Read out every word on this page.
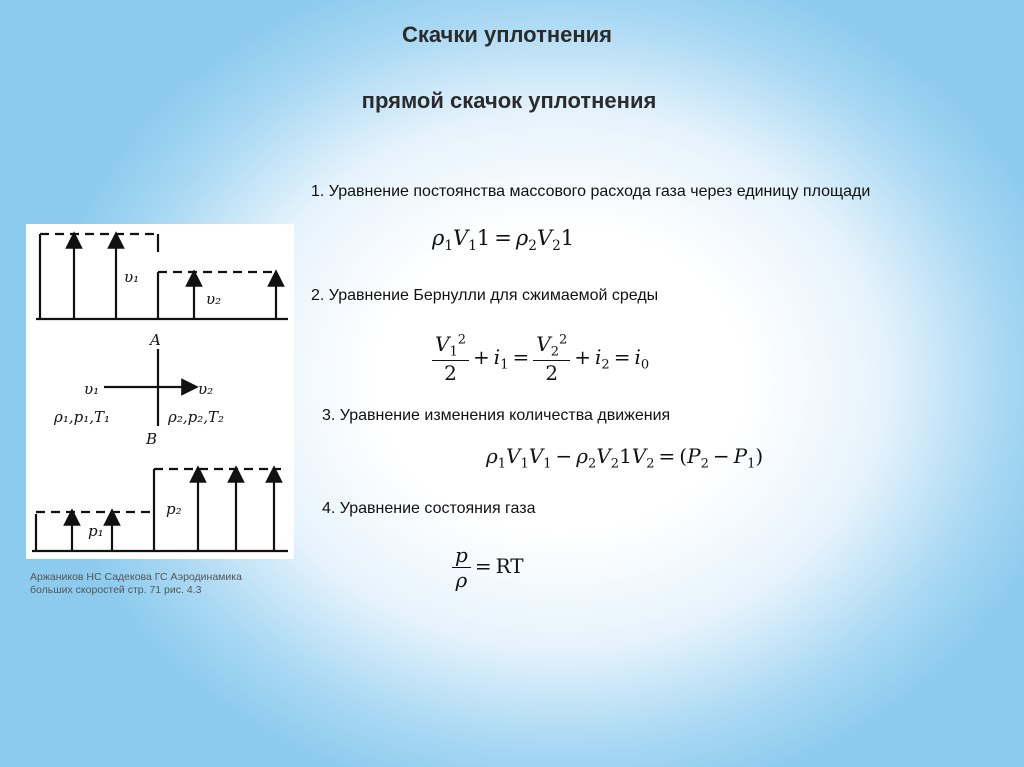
Скачки уплотнения
прямой скачок уплотнения
1. Уравнение постоянства массового расхода газа через единицу площади
2. Уравнение Бернулли для сжимаемой среды
3. Уравнение изменения количества движения
4. Уравнение состояния газа
$\rho_1V_11 = \rho_2V_21$
$\frac{V_1^2}{2} + i_1 = \frac{V_2^2}{2} + i_2 = i_0$
$\rho_1V_1V_1 - \rho_2V_21V_2 = (P_2 - P_1)$
$\frac{p}{\rho}$ = RT
υ₁
υ₂
A
B
υ₁	υ₂
ρ₁,p₁,T₁	ρ₂,p₂,T₂
p₁
p₂
Аржаников НС Садекова ГС Аэродинамика
больших скоростей стр. 71 рис. 4.3
